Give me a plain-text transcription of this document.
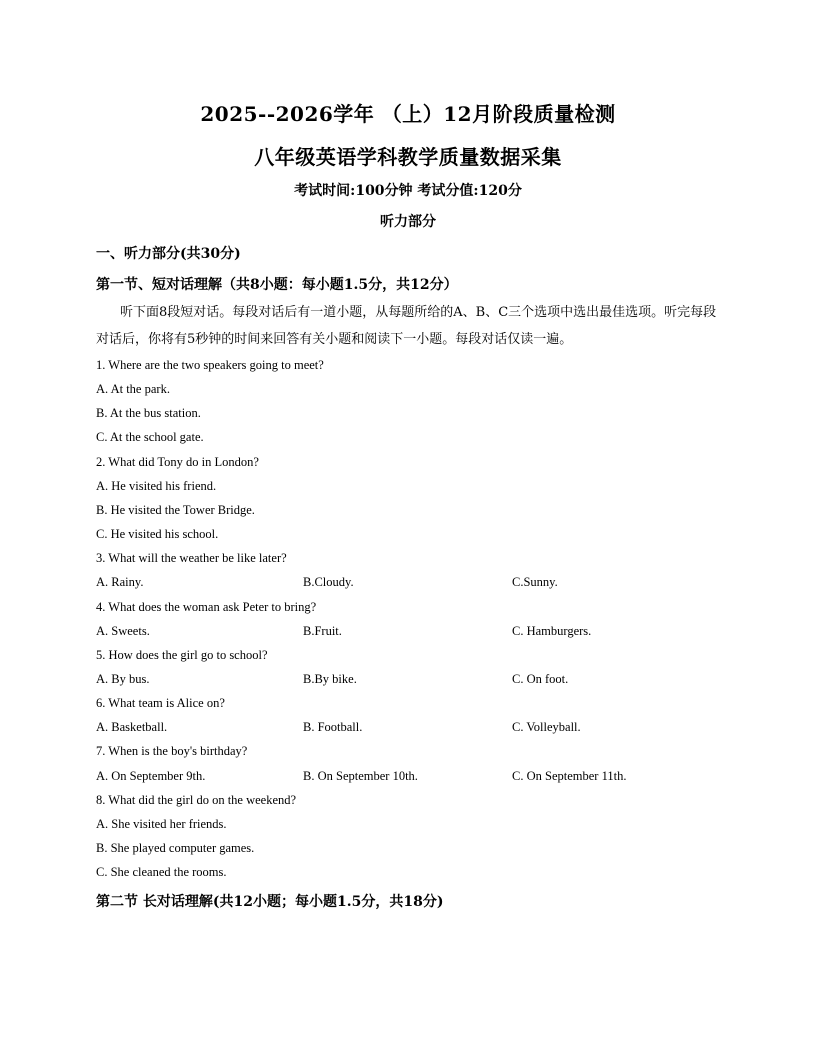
2025--2026学年 （上）12月阶段质量检测
八年级英语学科教学质量数据采集
考试时间:100分钟 考试分值:120分
听力部分
一、听力部分(共30分)
第一节、短对话理解（共8小题：每小题1.5分，共12分）
听下面8段短对话。每段对话后有一道小题，从每题所给的A、B、C三个选项中选出最佳选项。听完每段对话后，你将有5秒钟的时间来回答有关小题和阅读下一小题。每段对话仅读一遍。
1. Where are the two speakers going to meet?
A. At the park.
B. At the bus station.
C. At the school gate.
2. What did Tony do in London?
A. He visited his friend.
B. He visited the Tower Bridge.
C. He visited his school.
3. What will the weather be like later?
A. Rainy.	B.Cloudy.	C.Sunny.
4. What does the woman ask Peter to bring?
A. Sweets.	B.Fruit.	C. Hamburgers.
5. How does the girl go to school?
A. By bus.	B.By bike.	C. On foot.
6. What team is Alice on?
A. Basketball.	B. Football.	C. Volleyball.
7. When is the boy's birthday?
A. On September 9th.	B. On September 10th.	C. On September 11th.
8. What did the girl do on the weekend?
A. She visited her friends.
B. She played computer games.
C. She cleaned the rooms.
第二节 长对话理解(共12小题；每小题1.5分，共18分)
